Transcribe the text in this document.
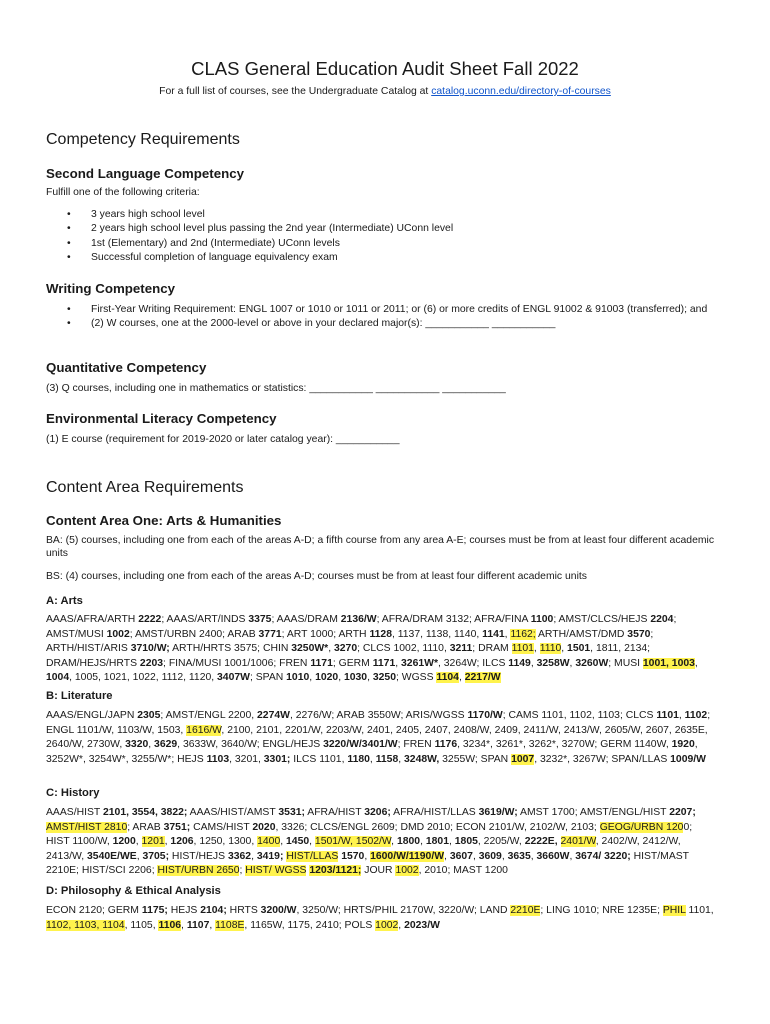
CLAS General Education Audit Sheet Fall 2022
For a full list of courses, see the Undergraduate Catalog at catalog.uconn.edu/directory-of-courses
Competency Requirements
Second Language Competency
Fulfill one of the following criteria:
• 3 years high school level
• 2 years high school level plus passing the 2nd year (Intermediate) UConn level
• 1st (Elementary) and 2nd (Intermediate) UConn levels
• Successful completion of language equivalency exam
Writing Competency
• First-Year Writing Requirement: ENGL 1007 or 1010 or 1011 or 2011; or (6) or more credits of ENGL 91002 & 91003 (transferred); and
• (2) W courses, one at the 2000-level or above in your declared major(s): ___________ ___________
Quantitative Competency
(3) Q courses, including one in mathematics or statistics: ___________ ___________ ___________
Environmental Literacy Competency
(1) E course (requirement for 2019-2020 or later catalog year): ___________
Content Area Requirements
Content Area One: Arts & Humanities
BA: (5) courses, including one from each of the areas A-D; a fifth course from any area A-E; courses must be from at least four different academic units
BS: (4) courses, including one from each of the areas A-D; courses must be from at least four different academic units
A: Arts
AAAS/AFRA/ARTH 2222; AAAS/ART/INDS 3375; AAAS/DRAM 2136/W; AFRA/DRAM 3132; AFRA/FINA 1100; AMST/CLCS/HEJS 2204; AMST/MUSI 1002; AMST/URBN 2400; ARAB 3771; ART 1000; ARTH 1128, 1137, 1138, 1140, 1141, 1162; ARTH/AMST/DMD 3570; ARTH/HIST/ARIS 3710/W; ARTH/HRTS 3575; CHIN 3250W*, 3270; CLCS 1002, 1110, 3211; DRAM 1101, 1110, 1501, 1811, 2134; DRAM/HEJS/HRTS 2203; FINA/MUSI 1001/1006; FREN 1171; GERM 1171, 3261W*, 3264W; ILCS 1149, 3258W, 3260W; MUSI 1001, 1003, 1004, 1005, 1021, 1022, 1112, 1120, 3407W; SPAN 1010, 1020, 1030, 3250; WGSS 1104, 2217/W
B: Literature
AAAS/ENGL/JAPN 2305; AMST/ENGL 2200, 2274W, 2276/W; ARAB 3550W; ARIS/WGSS 1170/W; CAMS 1101, 1102, 1103; CLCS 1101, 1102; ENGL 1101/W, 1103/W, 1503, 1616/W, 2100, 2101, 2201/W, 2203/W, 2401, 2405, 2407, 2408/W, 2409, 2411/W, 2413/W, 2605/W, 2607, 2635E, 2640/W, 2730W, 3320, 3629, 3633W, 3640/W; ENGL/HEJS 3220/W/3401/W; FREN 1176, 3234*, 3261*, 3262*, 3270W; GERM 1140W, 1920, 3252W*, 3254W*, 3255/W*; HEJS 1103, 3201, 3301; ILCS 1101, 1180, 1158, 3248W, 3255W; SPAN 1007, 3232*, 3267W; SPAN/LLAS 1009/W
C: History
AAAS/HIST 2101, 3554, 3822; AAAS/HIST/AMST 3531; AFRA/HIST 3206; AFRA/HIST/LLAS 3619/W; AMST 1700; AMST/ENGL/HIST 2207; AMST/HIST 2810; ARAB 3751; CAMS/HIST 2020, 3326; CLCS/ENGL 2609; DMD 2010; ECON 2101/W, 2102/W, 2103; GEOG/URBN 1200; HIST 1100/W, 1200, 1201, 1206, 1250, 1300, 1400, 1450, 1501/W, 1502/W, 1800, 1801, 1805, 2205/W, 2222E, 2401/W, 2402/W, 2412/W, 2413/W, 3540E/WE, 3705; HIST/HEJS 3362, 3419; HIST/LLAS 1570, 1600/W/1190/W, 3607, 3609, 3635, 3660W, 3674/ 3220; HIST/MAST 2210E; HIST/SCI 2206; HIST/URBN 2650; HIST/ WGSS 1203/1121; JOUR 1002, 2010; MAST 1200
D: Philosophy & Ethical Analysis
ECON 2120; GERM 1175; HEJS 2104; HRTS 3200/W, 3250/W; HRTS/PHIL 2170W, 3220/W; LAND 2210E; LING 1010; NRE 1235E; PHIL 1101, 1102, 1103, 1104, 1105, 1106, 1107, 1108E, 1165W, 1175, 2410; POLS 1002, 2023/W
